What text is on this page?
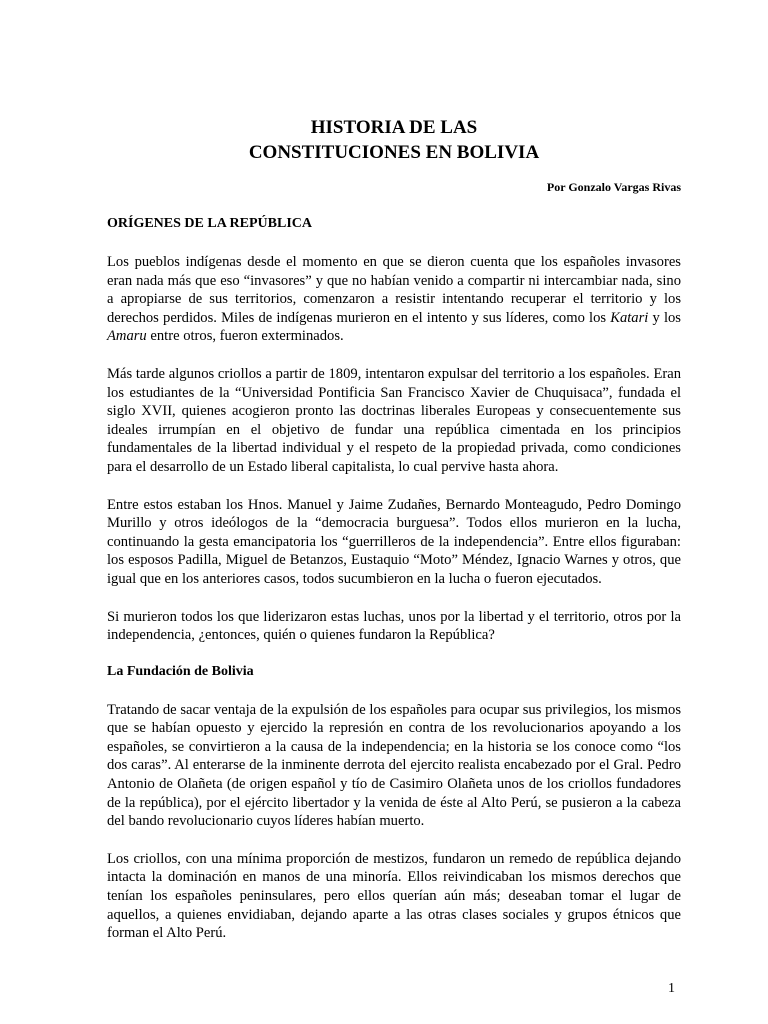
HISTORIA DE LAS
CONSTITUCIONES EN BOLIVIA
Por Gonzalo Vargas Rivas
ORÍGENES DE LA REPÚBLICA

Los pueblos indígenas desde el momento en que se dieron cuenta que los españoles invasores eran nada más que eso “invasores” y que no habían venido a compartir ni intercambiar nada, sino a apropiarse de sus territorios, comenzaron a resistir intentando recuperar el territorio y los derechos perdidos. Miles de indígenas murieron en el intento y sus líderes, como los Katari y los Amaru entre otros, fueron exterminados.

Más tarde algunos criollos a partir de 1809, intentaron expulsar del territorio a los españoles. Eran los estudiantes de la “Universidad Pontificia San Francisco Xavier de Chuquisaca”, fundada el siglo XVII, quienes acogieron pronto las doctrinas liberales Europeas y consecuentemente sus ideales irrumpían en el objetivo de fundar una república cimentada en los principios fundamentales de la libertad individual y el respeto de la propiedad privada, como condiciones para el desarrollo de un Estado liberal capitalista, lo cual pervive hasta ahora.

Entre estos estaban los Hnos. Manuel y Jaime Zudañes, Bernardo Monteagudo, Pedro Domingo Murillo y otros ideólogos de la “democracia burguesa”. Todos ellos murieron en la lucha, continuando la gesta emancipatoria los “guerrilleros de la independencia”. Entre ellos figuraban: los esposos Padilla, Miguel de Betanzos, Eustaquio “Moto” Méndez, Ignacio Warnes y otros, que igual que en los anteriores casos, todos sucumbieron en la lucha o fueron ejecutados.

Si murieron todos los que liderizaron estas luchas, unos por la libertad y el territorio, otros por la independencia, ¿entonces, quién o quienes fundaron la República?

La Fundación de Bolivia

Tratando de sacar ventaja de la expulsión de los españoles para ocupar sus privilegios, los mismos que se habían opuesto y ejercido la represión en contra de los revolucionarios apoyando a los españoles, se convirtieron a la causa de la independencia; en la historia se los conoce como “los dos caras”. Al enterarse de la inminente derrota del ejercito realista encabezado por el Gral. Pedro Antonio de Olañeta (de origen español y tío de Casimiro Olañeta unos de los criollos fundadores de la república), por el ejército libertador y la venida de éste al Alto Perú, se pusieron a la cabeza del bando revolucionario cuyos líderes habían muerto.

Los criollos, con una mínima proporción de mestizos, fundaron un remedo de república dejando intacta la dominación en manos de una minoría. Ellos reivindicaban los mismos derechos que tenían los españoles peninsulares, pero ellos querían aún más; deseaban tomar el lugar de aquellos, a quienes envidiaban, dejando aparte a las otras clases sociales y grupos étnicos que forman el Alto Perú.

1
